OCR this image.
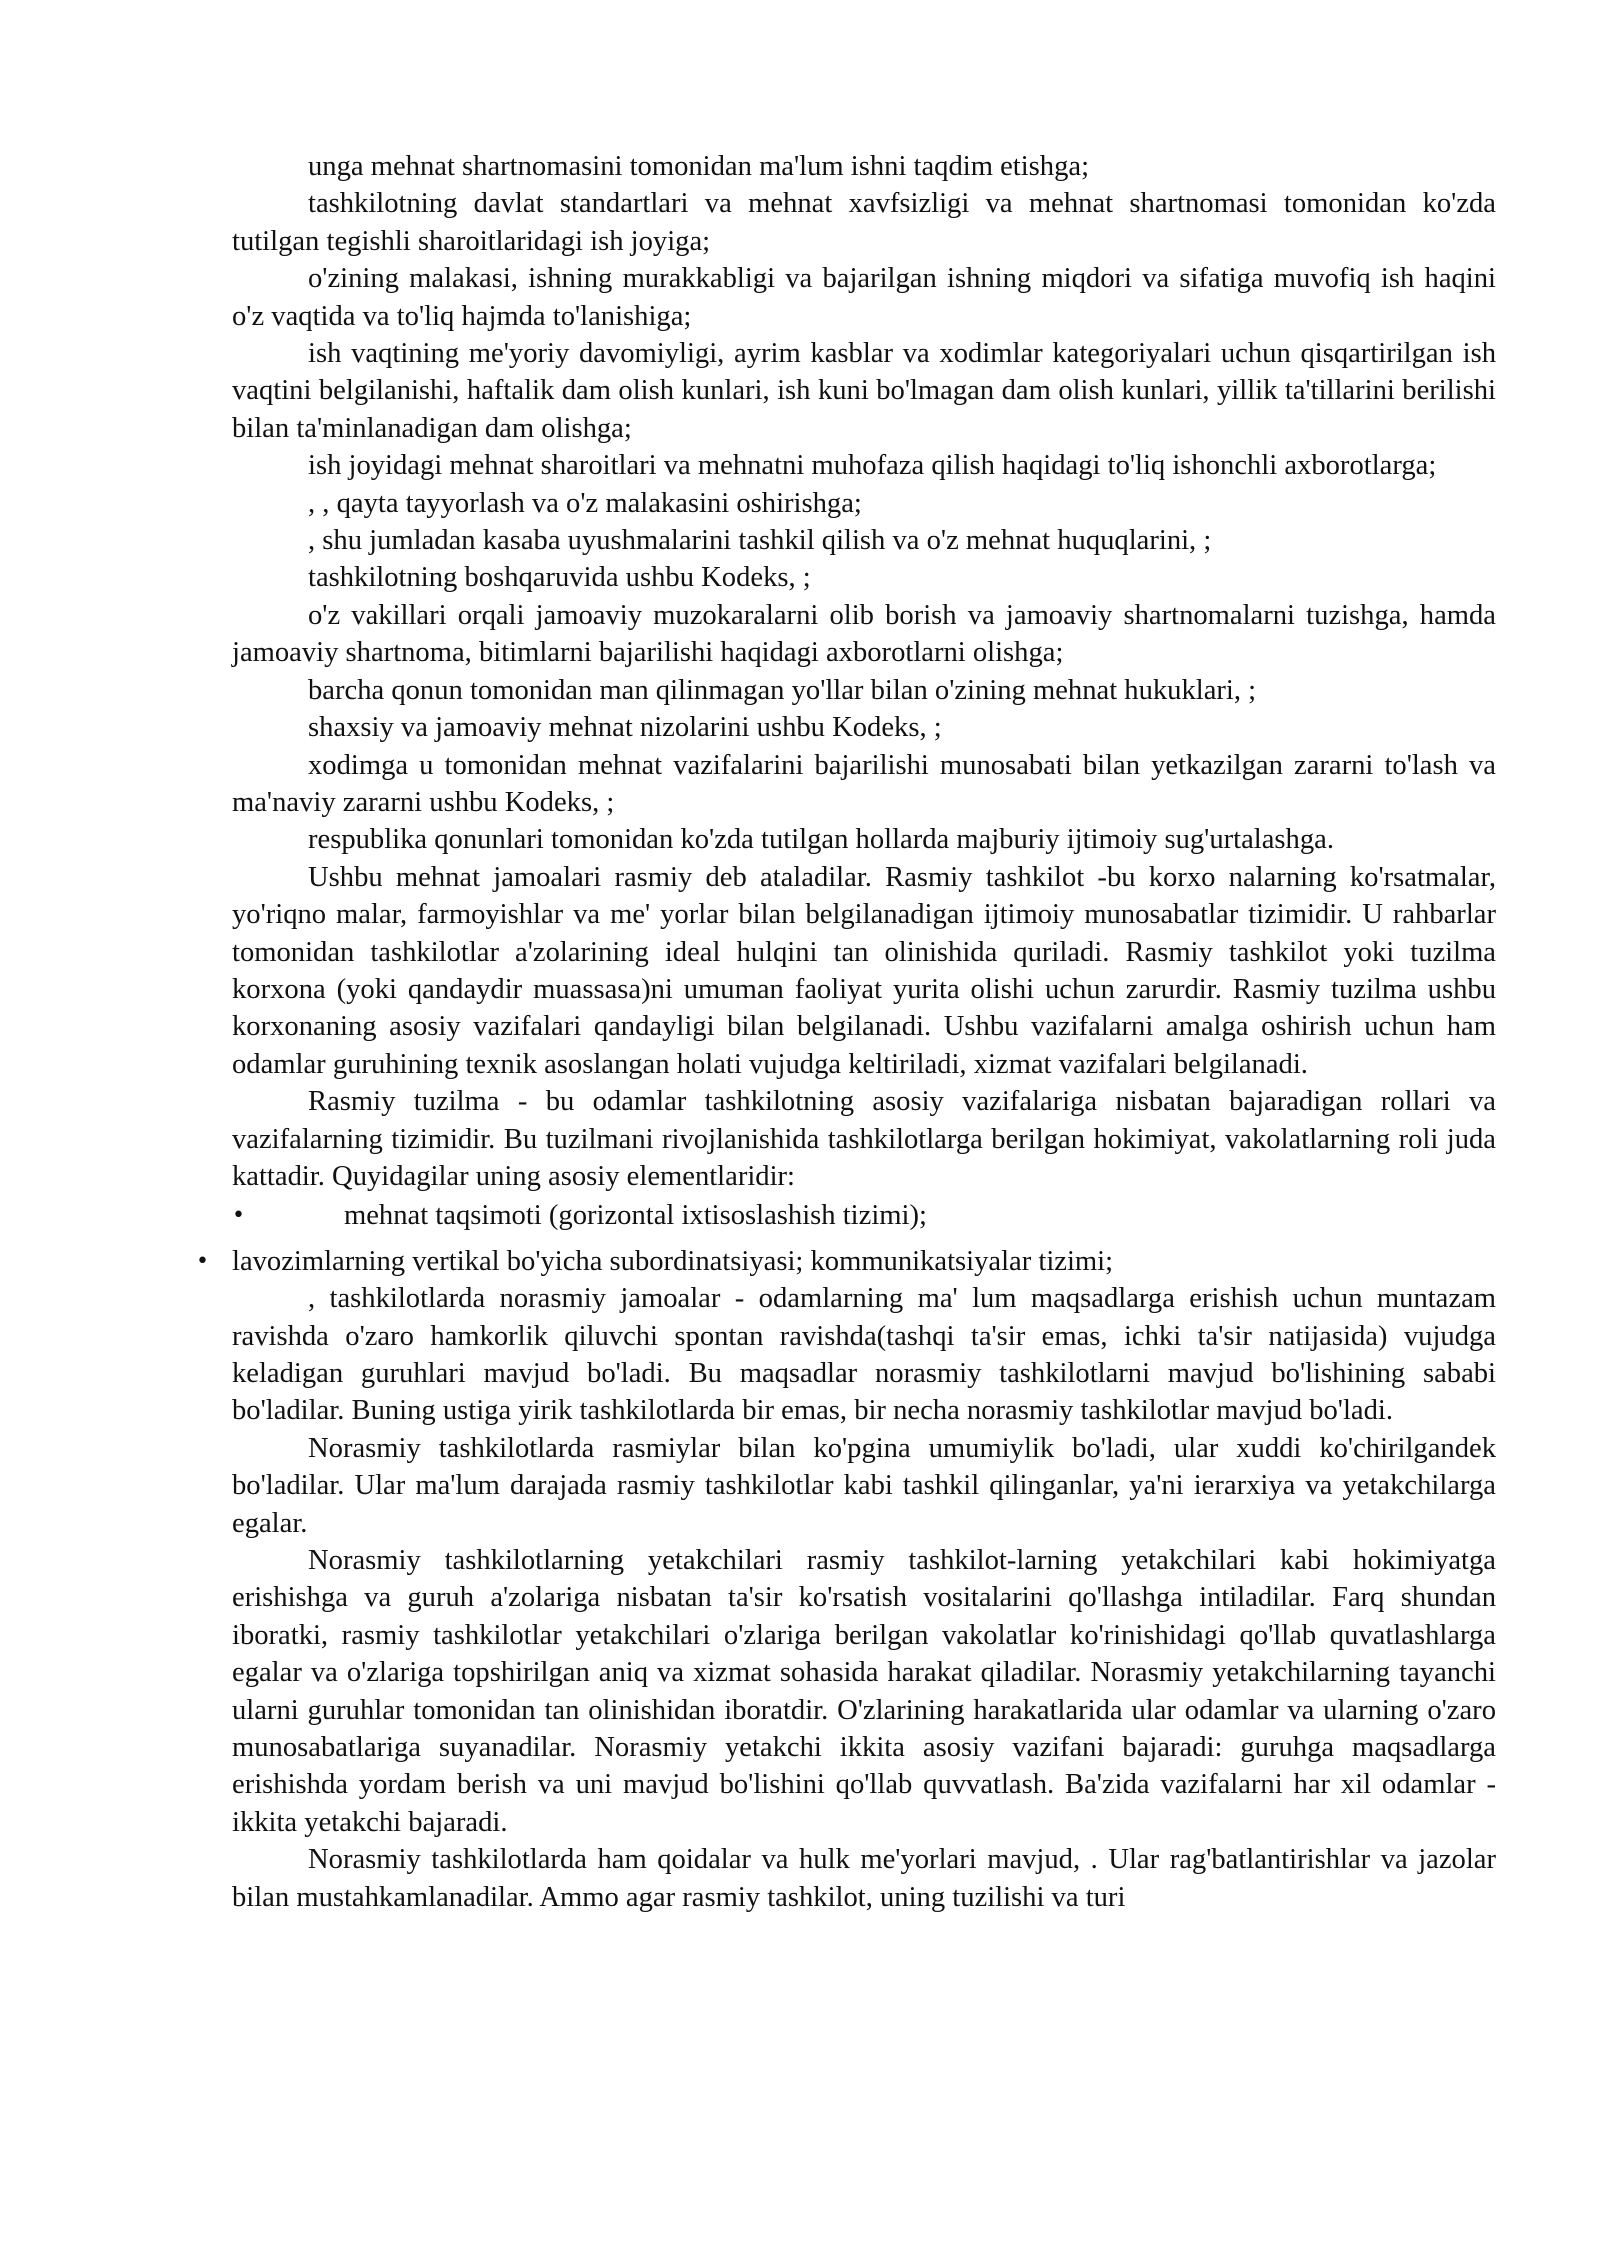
unga mehnat shartnomasini tomonidan ma'lum ishni taqdim etishga;

tashkilotning davlat standartlari va mehnat xavfsizligi va mehnat shartnomasi tomonidan ko'zda tutilgan tegishli sharoitlaridagi ish joyiga;

o'zining malakasi, ishning murakkabligi va bajarilgan ishning miqdori va sifatiga muvofiq ish haqini o'z vaqtida va to'liq hajmda to'lanishiga;

ish vaqtining me'yoriy davomiyligi, ayrim kasblar va xodimlar kategoriyalari uchun qisqartirilgan ish vaqtini belgilanishi, haftalik dam olish kunlari, ish kuni bo'lmagan dam olish kunlari, yillik ta'tillarini berilishi bilan ta'minlanadigan dam olishga;

ish joyidagi mehnat sharoitlari va mehnatni muhofaza qilish haqidagi to'liq ishonchli axborotlarga;

, , qayta tayyorlash va o'z malakasini oshirishga;

, shu jumladan kasaba uyushmalarini tashkil qilish va o'z mehnat huquqlarini, ;

tashkilotning boshqaruvida ushbu Kodeks, ;

o'z vakillari orqali jamoaviy muzokaralarni olib borish va jamoaviy shartnomalarni tuzishga, hamda jamoaviy shartnoma, bitimlarni bajarilishi haqidagi axborotlarni olishga;

barcha qonun tomonidan man qilinmagan yo'llar bilan o'zining mehnat hukuklari, ;

shaxsiy va jamoaviy mehnat nizolarini ushbu Kodeks, ;

xodimga u tomonidan mehnat vazifalarini bajarilishi munosabati bilan yetkazilgan zararni to'lash va ma'naviy zararni ushbu Kodeks, ;

respublika qonunlari tomonidan ko'zda tutilgan hollarda majburiy ijtimoiy sug'urtalashga.

Ushbu mehnat jamoalari rasmiy deb ataladilar. Rasmiy tashkilot -bu korxo nalarning ko'rsatmalar, yo'riqno malar, farmoyishlar va me' yorlar bilan belgilanadigan ijtimoiy munosabatlar tizimidir. U rahbarlar tomonidan tashkilotlar a'zolarining ideal hulqini tan olinishida quriladi. Rasmiy tashkilot yoki tuzilma korxona (yoki qandaydir muassasa)ni umuman faoliyat yurita olishi uchun zarurdir. Rasmiy tuzilma ushbu korxonaning asosiy vazifalari qandayligi bilan belgilanadi. Ushbu vazifalarni amalga oshirish uchun ham odamlar guruhining texnik asoslangan holati vujudga keltiriladi, xizmat vazifalari belgilanadi.

Rasmiy tuzilma - bu odamlar tashkilotning asosiy vazifalariga nisbatan bajaradigan rollari va vazifalarning tizimidir. Bu tuzilmani rivojlanishida tashkilotlarga berilgan hokimiyat, vakolatlarning roli juda kattadir. Quyidagilar uning asosiy elementlaridir:

•	mehnat taqsimoti (gorizontal ixtisoslashish tizimi);
• lavozimlarning vertikal bo'yicha subordinatsiyasi; kommunikatsiyalar tizimi;

, tashkilotlarda norasmiy jamoalar - odamlarning ma' lum maqsadlarga erishish uchun muntazam ravishda o'zaro hamkorlik qiluvchi spontan ravishda(tashqi ta'sir emas, ichki ta'sir natijasida) vujudga keladigan guruhlari mavjud bo'ladi. Bu maqsadlar norasmiy tashkilotlarni mavjud bo'lishining sababi bo'ladilar. Buning ustiga yirik tashkilotlarda bir emas, bir necha norasmiy tashkilotlar mavjud bo'ladi.

Norasmiy tashkilotlarda rasmiylar bilan ko'pgina umumiylik bo'ladi, ular xuddi ko'chirilgandek bo'ladilar. Ular ma'lum darajada rasmiy tashkilotlar kabi tashkil qilinganlar, ya'ni ierarxiya va yetakchilarga egalar.

Norasmiy tashkilotlarning yetakchilari rasmiy tashkilot-larning yetakchilari kabi hokimiyatga erishishga va guruh a'zolariga nisbatan ta'sir ko'rsatish vositalarini qo'llashga intiladilar. Farq shundan iboratki, rasmiy tashkilotlar yetakchilari o'zlariga berilgan vakolatlar ko'rinishidagi qo'llab quvatlashlarga egalar va o'zlariga topshirilgan aniq va xizmat sohasida harakat qiladilar. Norasmiy yetakchilarning tayanchi ularni guruhlar tomonidan tan olinishidan iboratdir. O'zlarining harakatlarida ular odamlar va ularning o'zaro munosabatlariga suyanadilar. Norasmiy yetakchi ikkita asosiy vazifani bajaradi: guruhga maqsadlarga erishishda yordam berish va uni mavjud bo'lishini qo'llab quvvatlash. Ba'zida vazifalarni har xil odamlar - ikkita yetakchi bajaradi.

Norasmiy tashkilotlarda ham qoidalar va hulk me'yorlari mavjud, . Ular rag'batlantirishlar va jazolar bilan mustahkamlanadilar. Ammo agar rasmiy tashkilot, uning tuzilishi va turi
